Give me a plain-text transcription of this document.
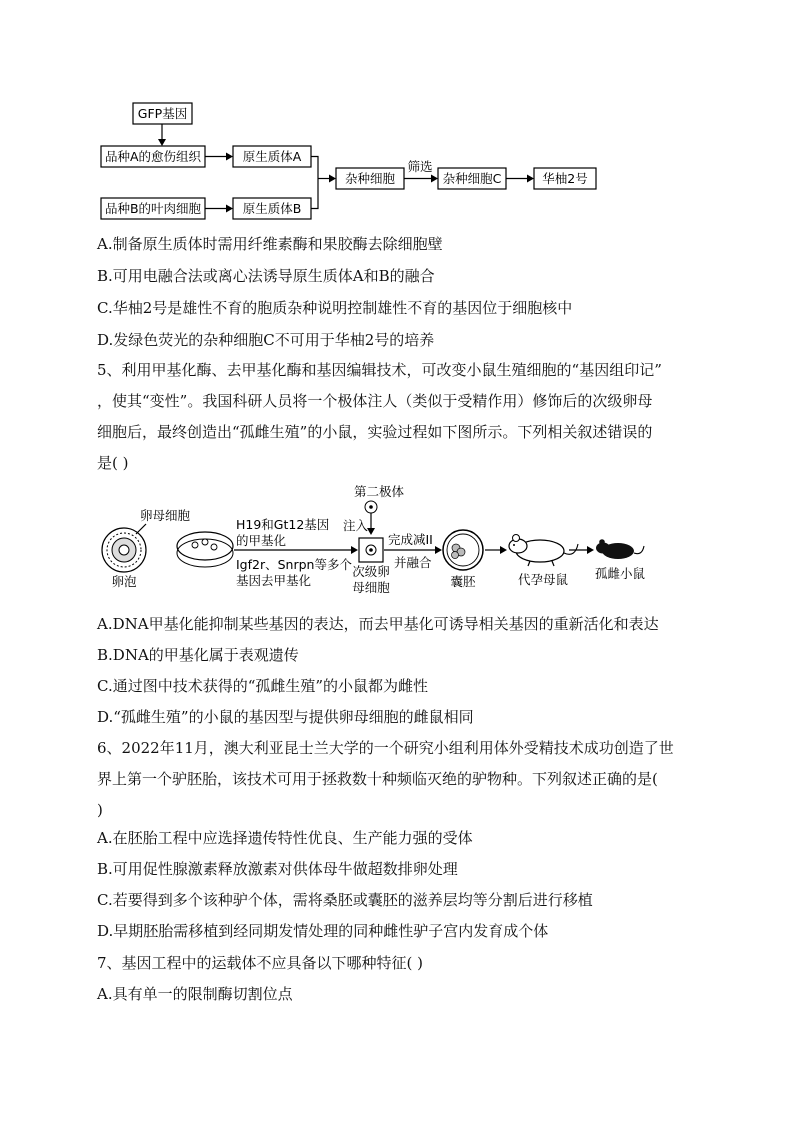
GFP基因
品种A的愈伤组织
品种B的叶肉细胞
原生质体A
原生质体B
杂种细胞
筛选
杂种细胞C	华柚2号
A.制备原生质体时需用纤维素酶和果胶酶去除细胞壁
B.可用电融合法或离心法诱导原生质体A和B的融合
C.华柚2号是雄性不育的胞质杂种说明控制雄性不育的基因位于细胞核中
D.发绿色荧光的杂种细胞C不可用于华柚2号的培养
5、利用甲基化酶、去甲基化酶和基因编辑技术，可改变小鼠生殖细胞的“基因组印记”
，使其“变性”。我国科研人员将一个极体注人（类似于受精作用）修饰后的次级卵母
细胞后，最终创造出“孤雌生殖”的小鼠，实验过程如下图所示。下列相关叙述错误的
是( )
卵泡
卵母细胞
H19和Gt12基因
的甲基化
Igf2r、Snrpn等多个
基因去甲基化
第二极体
注入
次级卵
母细胞
完成减II
并融合
囊胚	代孕母鼠 孤雌小鼠
A.DNA甲基化能抑制某些基因的表达，而去甲基化可诱导相关基因的重新活化和表达
B.DNA的甲基化属于表观遗传
C.通过图中技术获得的“孤雌生殖”的小鼠都为雌性
D.“孤雌生殖”的小鼠的基因型与提供卵母细胞的雌鼠相同
6、2022年11月，澳大利亚昆士兰大学的一个研究小组利用体外受精技术成功创造了世
界上第一个驴胚胎，该技术可用于拯救数十种频临灭绝的驴物种。下列叙述正确的是(
)
A.在胚胎工程中应选择遗传特性优良、生产能力强的受体
B.可用促性腺激素释放激素对供体母牛做超数排卵处理
C.若要得到多个该种驴个体，需将桑胚或囊胚的滋养层均等分割后进行移植
D.早期胚胎需移植到经同期发情处理的同种雌性驴子宫内发育成个体
7、基因工程中的运载体不应具备以下哪种特征( )
A.具有单一的限制酶切割位点
